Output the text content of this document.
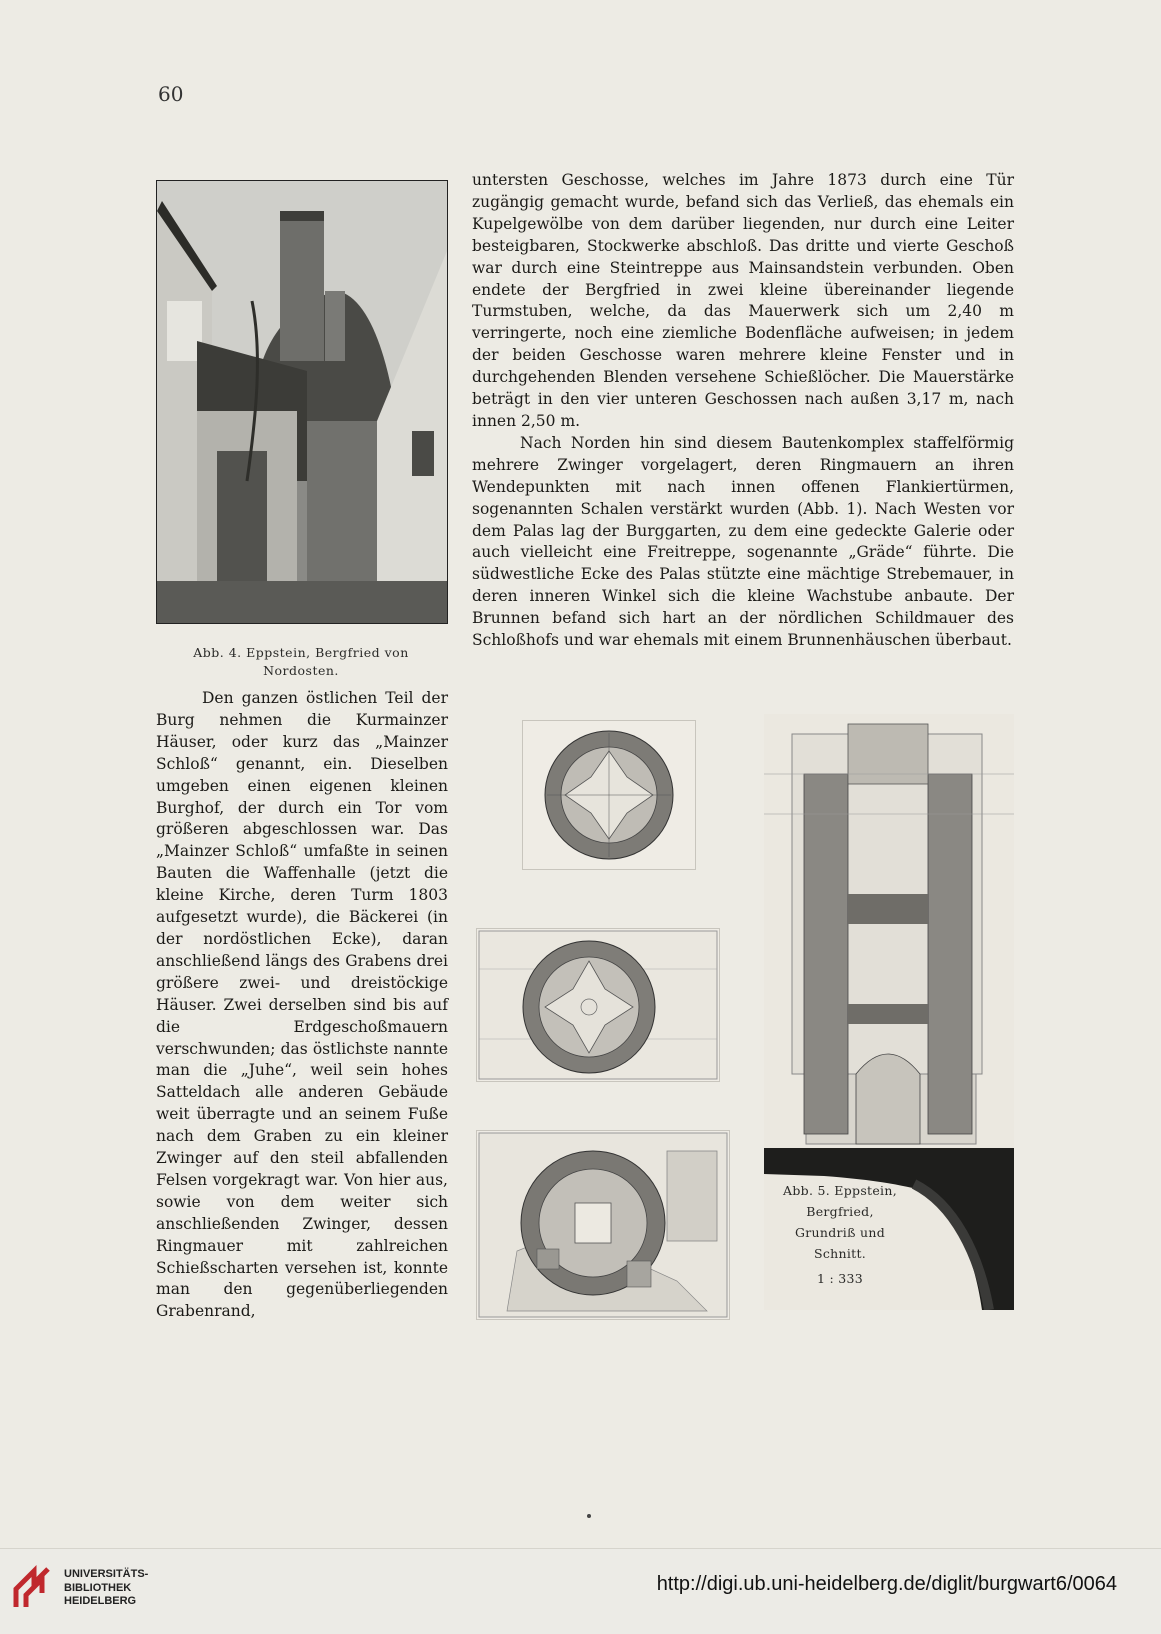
60
Abb. 4. Eppstein, Bergfried von
Nordosten.

untersten Geschosse, welches im Jahre 1873 durch eine Tür zugängig gemacht wurde, befand sich das Verließ, das ehemals ein Kupelgewölbe von dem darüber liegenden, nur durch eine Leiter besteigbaren, Stockwerke abschloß. Das dritte und vierte Geschoß war durch eine Steintreppe aus Mainsandstein verbunden. Oben endete der Bergfried in zwei kleine übereinander liegende Turmstuben, welche, da das Mauerwerk sich um 2,40 m verringerte, noch eine ziemliche Bodenfläche aufweisen; in jedem der beiden Geschosse waren mehrere kleine Fenster und in durchgehenden Blenden versehene Schießlöcher. Die Mauerstärke beträgt in den vier unteren Geschossen nach außen 3,17 m, nach innen 2,50 m.

Nach Norden hin sind diesem Bautenkomplex staffelförmig mehrere Zwinger vorgelagert, deren Ringmauern an ihren Wendepunkten mit nach innen offenen Flankiertürmen, sogenannten Schalen verstärkt wurden (Abb. 1). Nach Westen vor dem Palas lag der Burggarten, zu dem eine gedeckte Galerie oder auch vielleicht eine Freitreppe, sogenannte „Gräde“ führte. Die südwestliche Ecke des Palas stützte eine mächtige Strebemauer, in deren inneren Winkel sich die kleine Wachstube anbaute. Der Brunnen befand sich hart an der nördlichen Schildmauer des Schloßhofs und war ehemals mit einem Brunnenhäuschen überbaut.

Den ganzen östlichen Teil der Burg nehmen die Kurmainzer Häuser, oder kurz das „Mainzer Schloß“ genannt, ein. Dieselben umgeben einen eigenen kleinen Burghof, der durch ein Tor vom größeren abgeschlossen war. Das „Mainzer Schloß“ umfaßte in seinen Bauten die Waffenhalle (jetzt die kleine Kirche, deren Turm 1803 aufgesetzt wurde), die Bäckerei (in der nordöstlichen Ecke), daran anschließend längs des Grabens drei größere zwei- und dreistöckige Häuser. Zwei derselben sind bis auf die Erdgeschoßmauern verschwunden; das östlichste nannte man die „Juhe“, weil sein hohes Satteldach alle anderen Gebäude weit überragte und an seinem Fuße nach dem Graben zu ein kleiner Zwinger auf den steil abfallenden Felsen vorgekragt war. Von hier aus, sowie von dem weiter sich anschließenden Zwinger, dessen Ringmauer mit zahlreichen Schießscharten versehen ist, konnte man den gegenüberliegenden Grabenrand,
Abb. 5. Eppstein,
Bergfried,
Grundriß und
Schnitt.
1 : 333
UNIVERSITÄTS-
BIBLIOTHEK
HEIDELBERG
http://digi.ub.uni-heidelberg.de/diglit/burgwart6/0064
